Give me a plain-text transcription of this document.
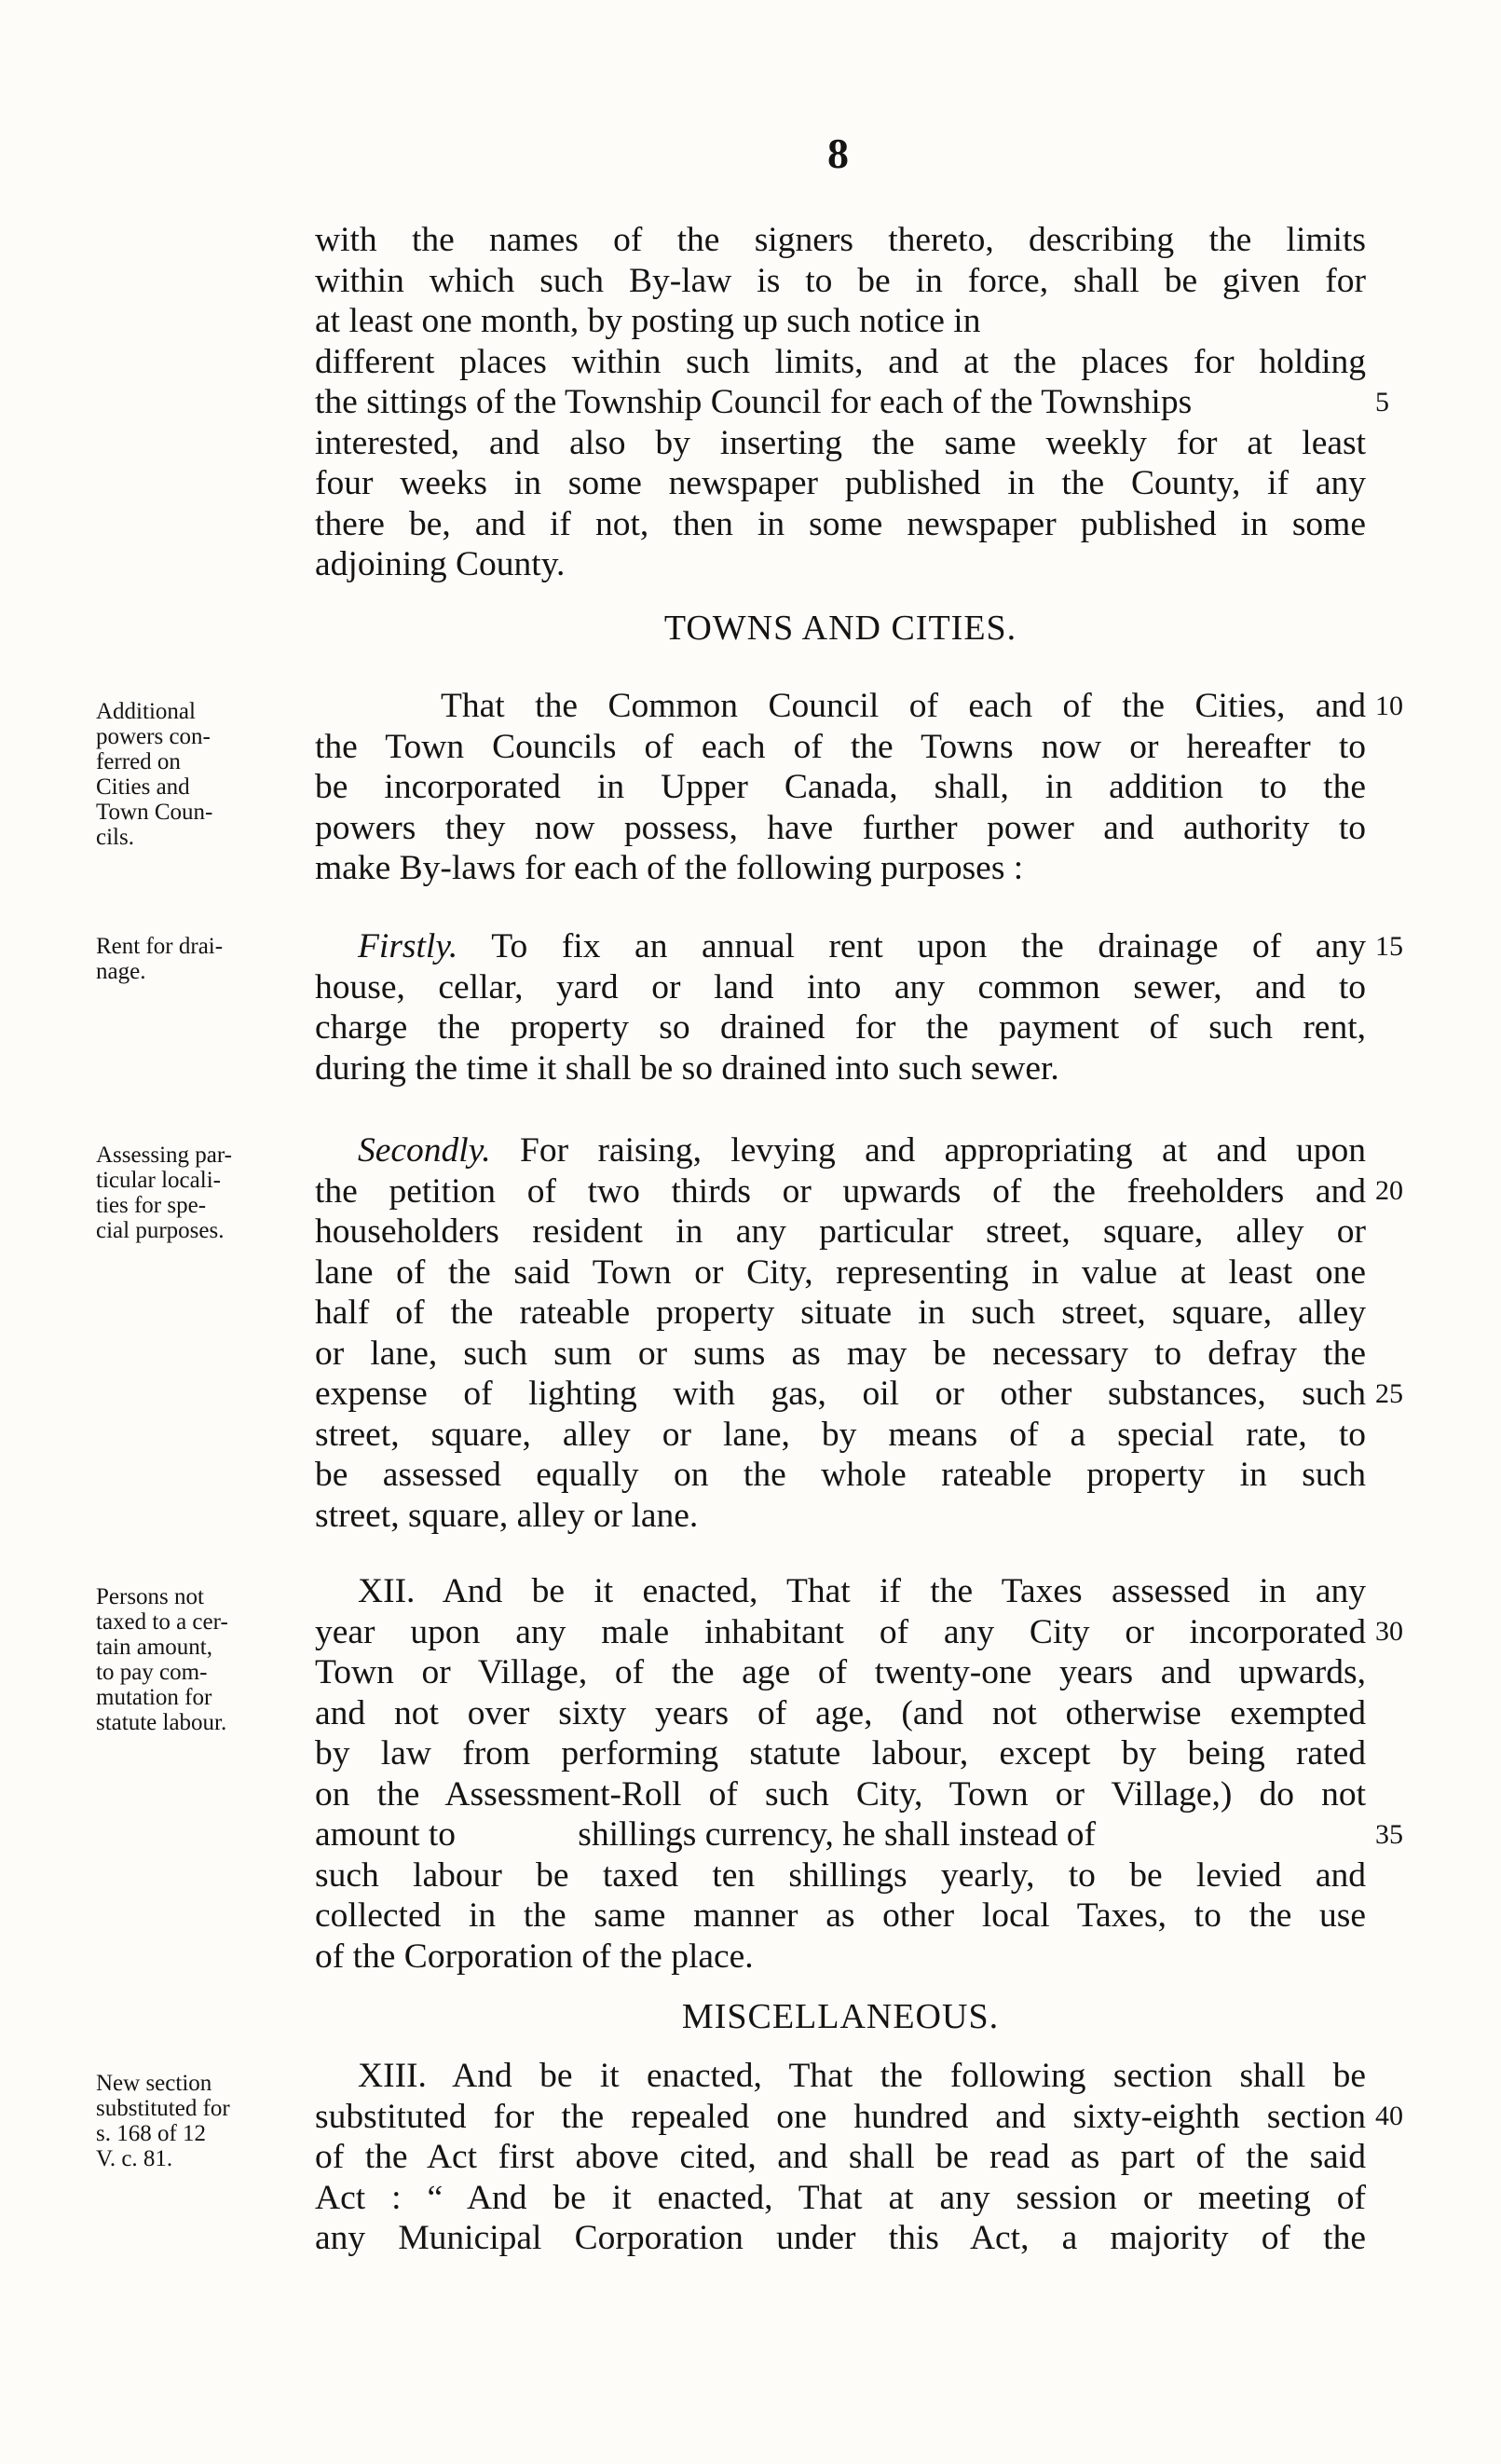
8
with the names of the signers thereto, describing the limits
within which such By-law is to be in force, shall be given for
at least one month, by posting up such notice in
different places within such limits, and at the places for holding
the sittings of the Township Council for each of the Townships
interested, and also by inserting the same weekly for at least
four weeks in some newspaper published in the County, if any
there be, and if not, then in some newspaper published in some
adjoining County.
5
TOWNS AND CITIES.
Additional
powers con-
ferred on
Cities and
Town Coun-
cils.
That the Common Council of each of the Cities, and
the Town Councils of each of the Towns now or hereafter to
be incorporated in Upper Canada, shall, in addition to the
powers they now possess, have further power and authority to
make By-laws for each of the following purposes :
10
Rent for drai-
nage.
Firstly. To fix an annual rent upon the drainage of any
house, cellar, yard or land into any common sewer, and to
charge the property so drained for the payment of such rent,
during the time it shall be so drained into such sewer.
15
Assessing par-
ticular locali-
ties for spe-
cial purposes.
Secondly. For raising, levying and appropriating at and upon
the petition of two thirds or upwards of the freeholders and
householders resident in any particular street, square, alley or
lane of the said Town or City, representing in value at least one
half of the rateable property situate in such street, square, alley
or lane, such sum or sums as may be necessary to defray the
expense of lighting with gas, oil or other substances, such
street, square, alley or lane, by means of a special rate, to
be assessed equally on the whole rateable property in such
street, square, alley or lane.
20
25
Persons not
taxed to a cer-
tain amount,
to pay com-
mutation for
statute labour.
XII. And be it enacted, That if the Taxes assessed in any
year upon any male inhabitant of any City or incorporated
Town or Village, of the age of twenty-one years and upwards,
and not over sixty years of age, (and not otherwise exempted
by law from performing statute labour, except by being rated
on the Assessment-Roll of such City, Town or Village,) do not
amount to              shillings currency, he shall instead of
such labour be taxed ten shillings yearly, to be levied and
collected in the same manner as other local Taxes, to the use
of the Corporation of the place.
30
35
MISCELLANEOUS.
New section
substituted for
s. 168 of 12
V. c. 81.
XIII. And be it enacted, That the following section shall be
substituted for the repealed one hundred and sixty-eighth section
of the Act first above cited, and shall be read as part of the said
Act : “ And be it enacted, That at any session or meeting of
any Municipal Corporation under this Act, a majority of the
40
